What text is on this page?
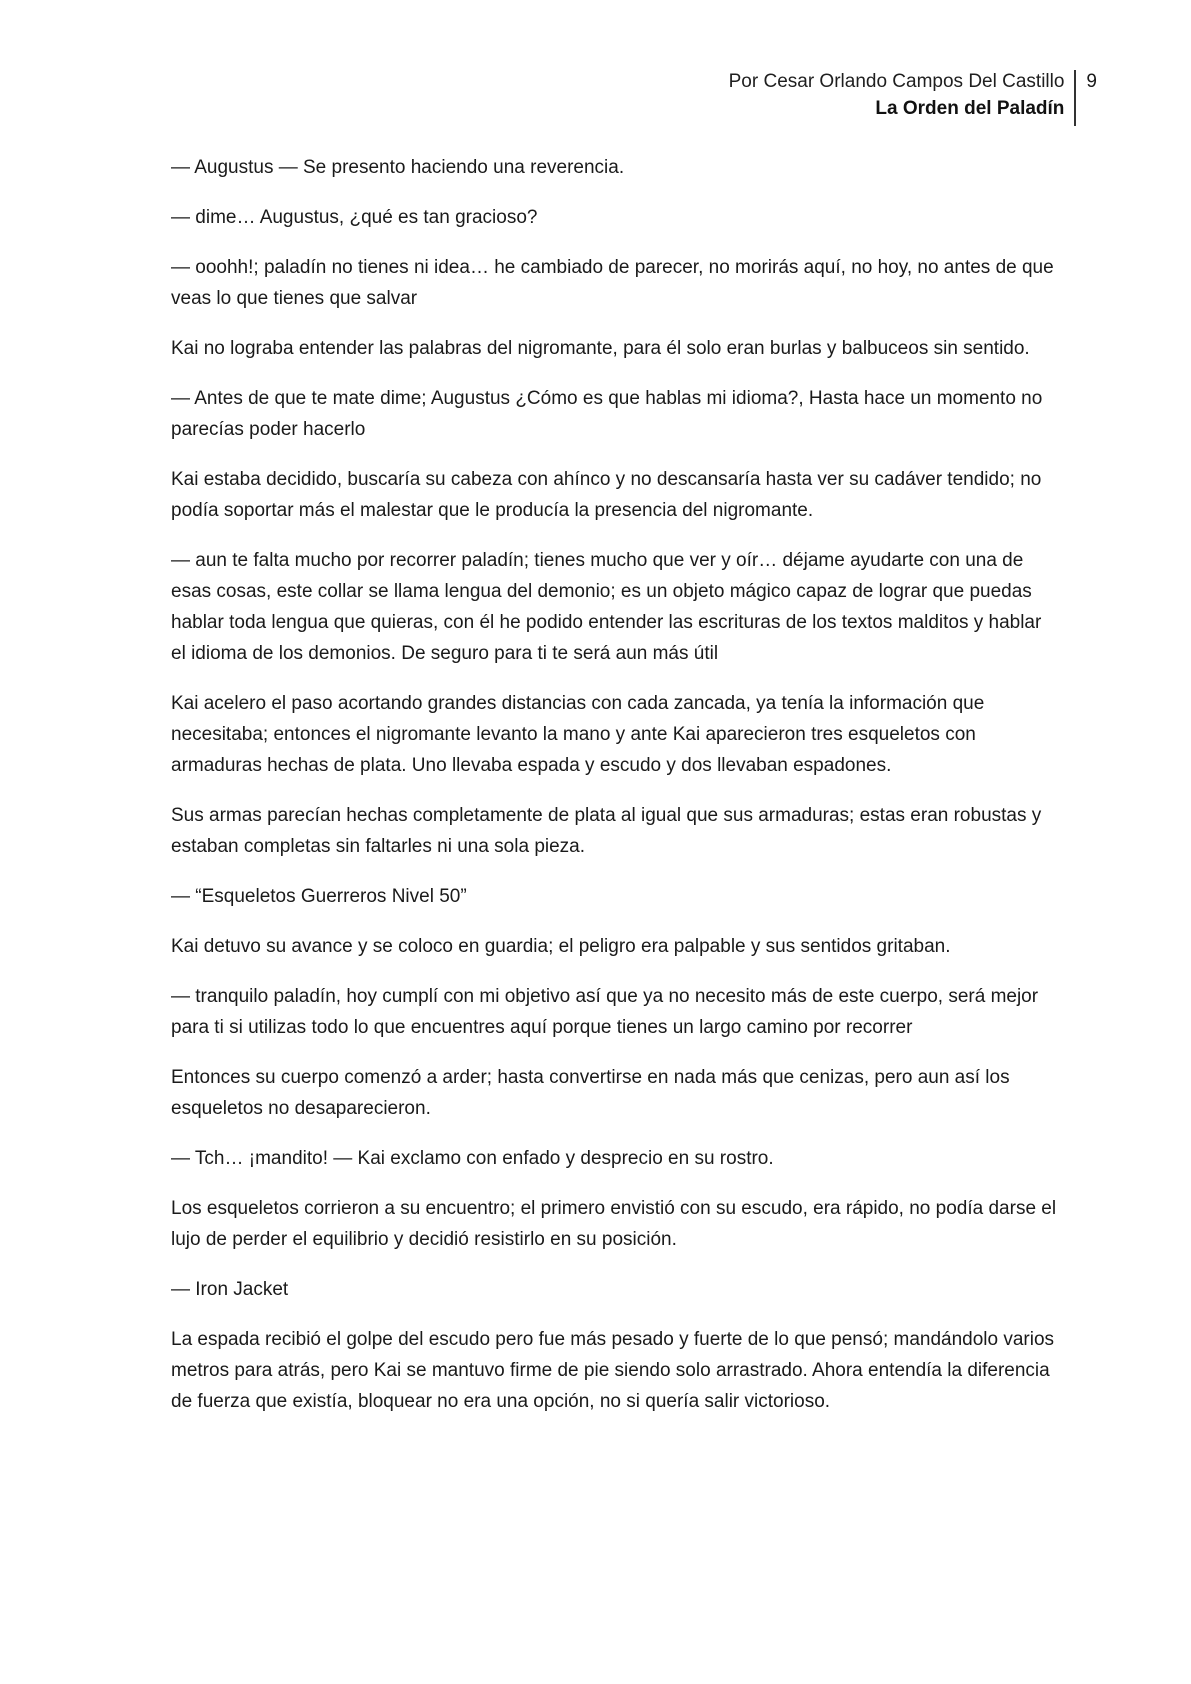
Por Cesar Orlando Campos Del Castillo
La Orden del Paladín
9

— Augustus — Se presento haciendo una reverencia.

— dime… Augustus, ¿qué es tan gracioso?

— ooohh!; paladín no tienes ni idea… he cambiado de parecer, no morirás aquí, no hoy, no antes de que veas lo que tienes que salvar

Kai no lograba entender las palabras del nigromante, para él solo eran burlas y balbuceos sin sentido.

— Antes de que te mate dime; Augustus ¿Cómo es que hablas mi idioma?, Hasta hace un momento no parecías poder hacerlo

Kai estaba decidido, buscaría su cabeza con ahínco y no descansaría hasta ver su cadáver tendido; no podía soportar más el malestar que le producía la presencia del nigromante.

— aun te falta mucho por recorrer paladín; tienes mucho que ver y oír… déjame ayudarte con una de esas cosas, este collar se llama lengua del demonio; es un objeto mágico capaz de lograr que puedas hablar toda lengua que quieras, con él he podido entender las escrituras de los textos malditos y hablar el idioma de los demonios. De seguro para ti te será aun más útil

Kai acelero el paso acortando grandes distancias con cada zancada, ya tenía la información que necesitaba; entonces el nigromante levanto la mano y ante Kai aparecieron tres esqueletos con armaduras hechas de plata. Uno llevaba espada y escudo y dos llevaban espadones.

Sus armas parecían hechas completamente de plata al igual que sus armaduras; estas eran robustas y estaban completas sin faltarles ni una sola pieza.

— “Esqueletos Guerreros Nivel 50”

Kai detuvo su avance y se coloco en guardia; el peligro era palpable y sus sentidos gritaban.

— tranquilo paladín, hoy cumplí con mi objetivo así que ya no necesito más de este cuerpo, será mejor para ti si utilizas todo lo que encuentres aquí porque tienes un largo camino por recorrer

Entonces su cuerpo comenzó a arder; hasta convertirse en nada más que cenizas, pero aun así los esqueletos no desaparecieron.

— Tch… ¡mandito! — Kai exclamo con enfado y desprecio en su rostro.

Los esqueletos corrieron a su encuentro; el primero envistió con su escudo, era rápido, no podía darse el lujo de perder el equilibrio y decidió resistirlo en su posición.

— Iron Jacket

La espada recibió el golpe del escudo pero fue más pesado y fuerte de lo que pensó; mandándolo varios metros para atrás, pero Kai se mantuvo firme de pie siendo solo arrastrado. Ahora entendía la diferencia de fuerza que existía, bloquear no era una opción, no si quería salir victorioso.
